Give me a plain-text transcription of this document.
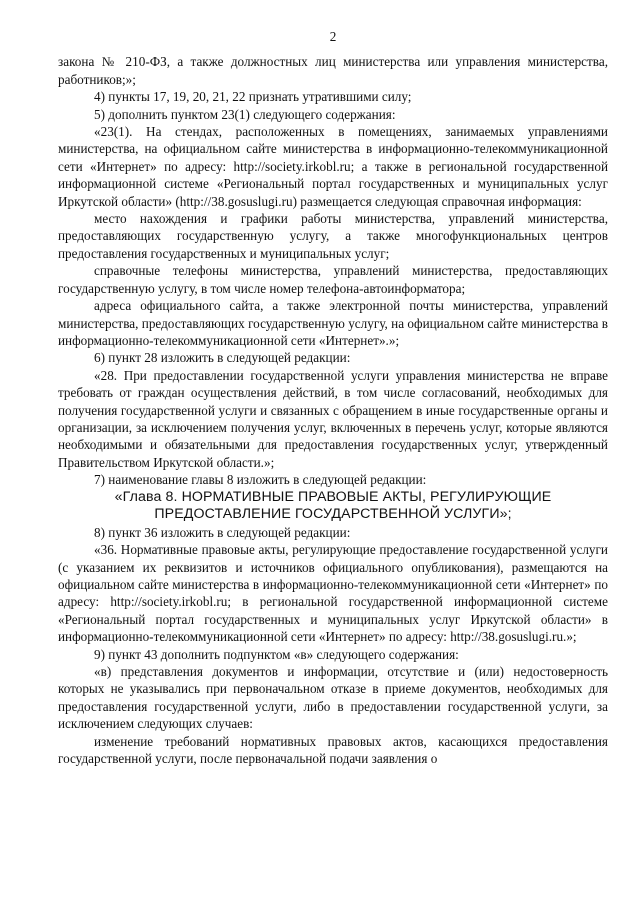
2

закона № 210-ФЗ, а также должностных лиц министерства или управления министерства, работников;»;

4) пункты 17, 19, 20, 21, 22 признать утратившими силу;

5) дополнить пунктом 23(1) следующего содержания:

«23(1). На стендах, расположенных в помещениях, занимаемых управлениями министерства, на официальном сайте министерства в информационно-телекоммуникационной сети «Интернет» по адресу: http://society.irkobl.ru; а также в региональной государственной информационной системе «Региональный портал государственных и муниципальных услуг Иркутской области» (http://38.gosuslugi.ru) размещается следующая справочная информация:

место нахождения и графики работы министерства, управлений министерства, предоставляющих государственную услугу, а также многофункциональных центров предоставления государственных и муниципальных услуг;

справочные телефоны министерства, управлений министерства, предоставляющих государственную услугу, в том числе номер телефона-автоинформатора;

адреса официального сайта, а также электронной почты министерства, управлений министерства, предоставляющих государственную услугу, на официальном сайте министерства в информационно-телекоммуникационной сети «Интернет».»;

6) пункт 28 изложить в следующей редакции:

«28. При предоставлении государственной услуги управления министерства не вправе требовать от граждан осуществления действий, в том числе согласований, необходимых для получения государственной услуги и связанных с обращением в иные государственные органы и организации, за исключением получения услуг, включенных в перечень услуг, которые являются необходимыми и обязательными для предоставления государственных услуг, утвержденный Правительством Иркутской области.»;

7) наименование главы 8 изложить в следующей редакции:

«Глава 8. НОРМАТИВНЫЕ ПРАВОВЫЕ АКТЫ, РЕГУЛИРУЮЩИЕ ПРЕДОСТАВЛЕНИЕ ГОСУДАРСТВЕННОЙ УСЛУГИ»;

8) пункт 36 изложить в следующей редакции:

«36. Нормативные правовые акты, регулирующие предоставление государственной услуги (с указанием их реквизитов и источников официального опубликования), размещаются на официальном сайте министерства в информационно-телекоммуникационной сети «Интернет» по адресу: http://society.irkobl.ru; в региональной государственной информационной системе «Региональный портал государственных и муниципальных услуг Иркутской области» в информационно-телекоммуникационной сети «Интернет» по адресу: http://38.gosuslugi.ru.»;

9) пункт 43 дополнить подпунктом «в» следующего содержания:

«в) представления документов и информации, отсутствие и (или) недостоверность которых не указывались при первоначальном отказе в приеме документов, необходимых для предоставления государственной услуги, либо в предоставлении государственной услуги, за исключением следующих случаев:

изменение требований нормативных правовых актов, касающихся предоставления государственной услуги, после первоначальной подачи заявления о
